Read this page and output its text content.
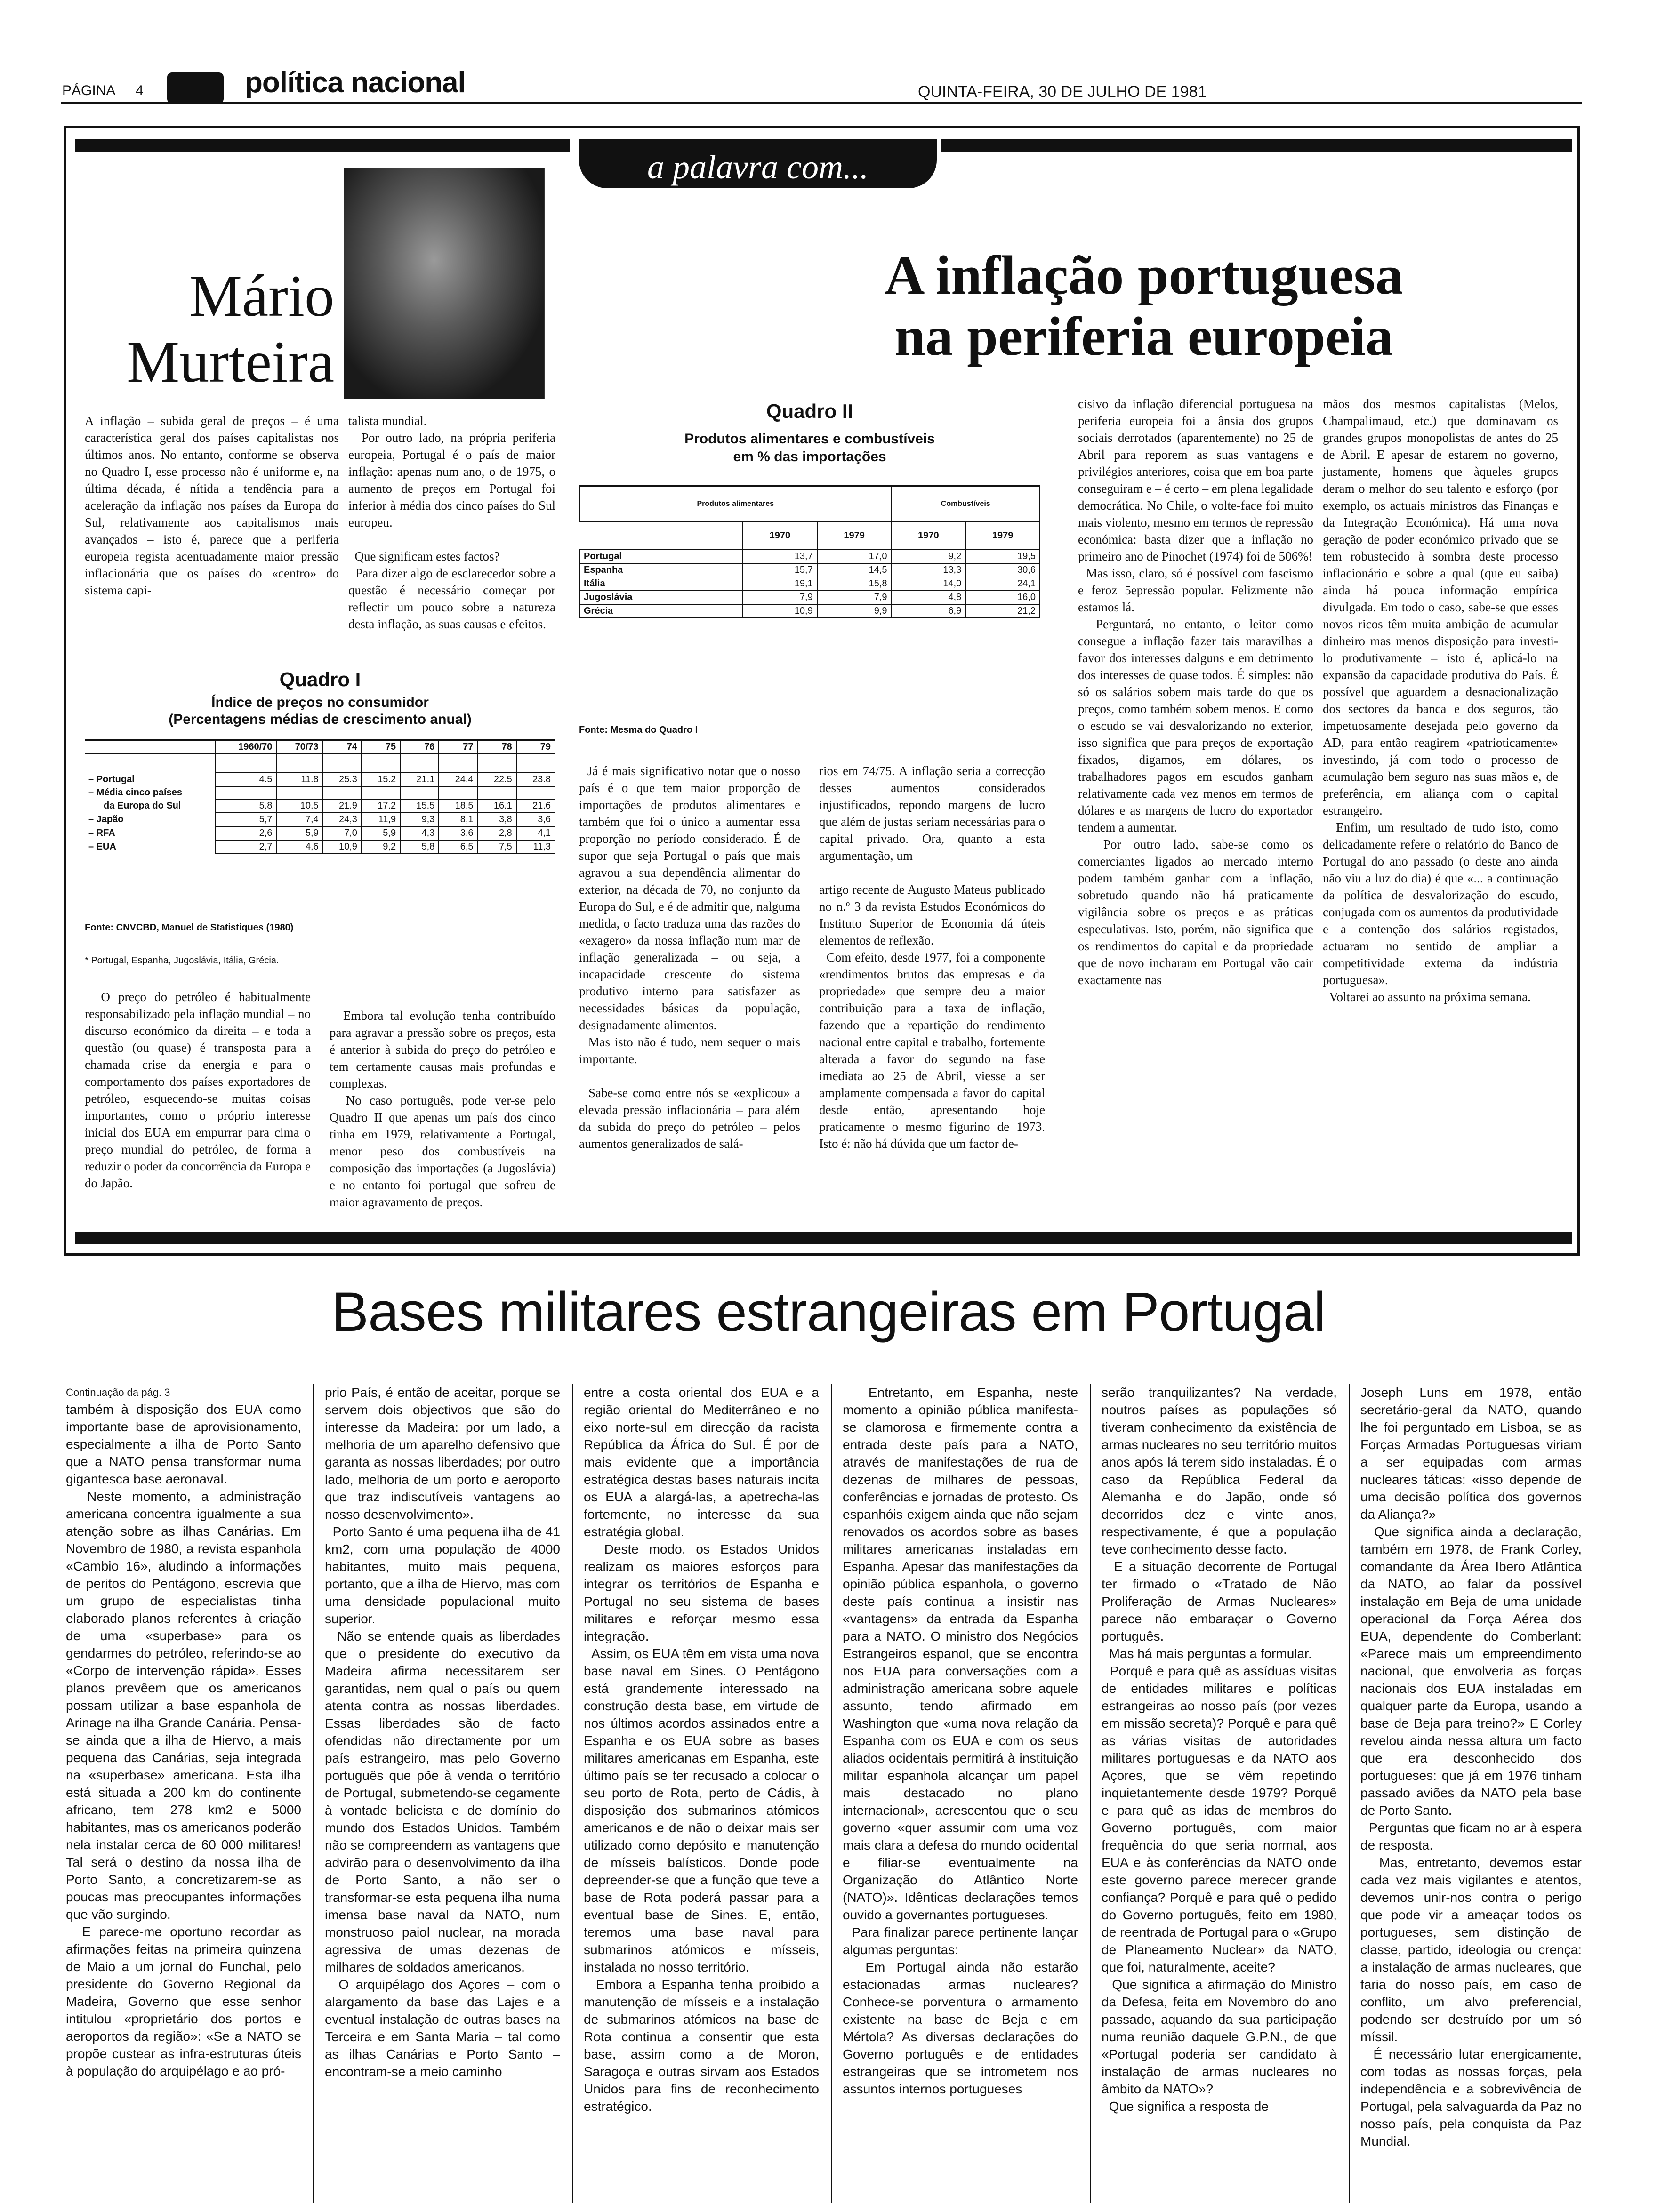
PÁGINA 4	política nacional	QUINTA-FEIRA, 30 DE JULHO DE 1981
a palavra com...
Mário
Murteira
A inflação portuguesa
na periferia europeia
A inflação – subida geral de preços – é uma característica geral dos países capitalistas nos últimos anos. No entanto, conforme se observa no Quadro I, esse processo não é uniforme e, na última década, é nítida a tendência para a aceleração da inflação nos países da Europa do Sul, relativamente aos capitalismos mais avançados – isto é, parece que a periferia europeia regista acentuadamente maior pressão inflacionária que os países do «centro» do sistema capi-
talista mundial.
Por outro lado, na própria periferia europeia, Portugal é o país de maior inflação: apenas num ano, o de 1975, o aumento de preços em Portugal foi inferior à média dos cinco países do Sul europeu.

Que significam estes factos?
Para dizer algo de esclarecedor sobre a questão é necessário começar por reflectir um pouco sobre a natureza desta inflação, as suas causas e efeitos.
Quadro I
Índice de preços no consumidor
(Percentagens médias de crescimento anual)
	1960/70	70/73	74	75	76	77	78	79

– Portugal	4.5	11.8	25.3	15.2	21.1	24.4	22.5	23.8
– Média cinco países								
da Europa do Sul	5.8	10.5	21.9	17.2	15.5	18.5	16.1	21.6
– Japão	5,7	7,4	24,3	11,9	9,3	8,1	3,8	3,6
– RFA	2,6	5,9	7,0	5,9	4,3	3,6	2,8	4,1
– EUA	2,7	4,6	10,9	9,2	5,8	6,5	7,5	11,3
Fonte: CNVCBD, Manuel de Statistiques (1980)
* Portugal, Espanha, Jugoslávia, Itália, Grécia.
O preço do petróleo é habitualmente responsabilizado pela inflação mundial – no discurso económico da direita – e toda a questão (ou quase) é transposta para a chamada crise da energia e para o comportamento dos países exportadores de petróleo, esquecendo-se muitas coisas importantes, como o próprio interesse inicial dos EUA em empurrar para cima o preço mundial do petróleo, de forma a reduzir o poder da concorrência da Europa e do Japão.
Embora tal evolução tenha contribuído para agravar a pressão sobre os preços, esta é anterior à subida do preço do petróleo e tem certamente causas mais profundas e complexas.
No caso português, pode ver-se pelo Quadro II que apenas um país dos cinco tinha em 1979, relativamente a Portugal, menor peso dos combustíveis na composição das importações (a Jugoslávia) e no entanto foi portugal que sofreu de maior agravamento de preços.
Quadro II
Produtos alimentares e combustíveis
em % das importações
Produtos alimentares			Combustíveis	
	1970	1979	1970	1979
Portugal	13,7	17,0	9,2	19,5
Espanha	15,7	14,5	13,3	30,6
Itália	19,1	15,8	14,0	24,1
Jugoslávia	7,9	7,9	4,8	16,0
Grécia	10,9	9,9	6,9	21,2
Fonte: Mesma do Quadro I
Já é mais significativo notar que o nosso país é o que tem maior proporção de importações de produtos alimentares e também que foi o único a aumentar essa proporção no período considerado. É de supor que seja Portugal o país que mais agravou a sua dependência alimentar do exterior, na década de 70, no conjunto da Europa do Sul, e é de admitir que, nalguma medida, o facto traduza uma das razões do «exagero» da nossa inflação num mar de inflação generalizada – ou seja, a incapacidade crescente do sistema produtivo interno para satisfazer as necessidades básicas da população, designadamente alimentos.
Mas isto não é tudo, nem sequer o mais importante.

Sabe-se como entre nós se «explicou» a elevada pressão inflacionária – para além da subida do preço do petróleo – pelos aumentos generalizados de salá-
rios em 74/75. A inflação seria a correcção desses aumentos considerados injustificados, repondo margens de lucro que além de justas seriam necessárias para o capital privado. Ora, quanto a esta argumentação, um

artigo recente de Augusto Mateus publicado no n.º 3 da revista Estudos Económicos do Instituto Superior de Economia dá úteis elementos de reflexão.
Com efeito, desde 1977, foi a componente «rendimentos brutos das empresas e da propriedade» que sempre deu a maior contribuição para a taxa de inflação, fazendo que a repartição do rendimento nacional entre capital e trabalho, fortemente alterada a favor do segundo na fase imediata ao 25 de Abril, viesse a ser amplamente compensada a favor do capital desde então, apresentando hoje praticamente o mesmo figurino de 1973. Isto é: não há dúvida que um factor de-
cisivo da inflação diferencial portuguesa na periferia europeia foi a ânsia dos grupos sociais derrotados (aparentemente) no 25 de Abril para reporem as suas vantagens e privilégios anteriores, coisa que em boa parte conseguiram e – é certo – em plena legalidade democrática. No Chile, o volte-face foi muito mais violento, mesmo em termos de repressão económica: basta dizer que a inflação no primeiro ano de Pinochet (1974) foi de 506%!
Mas isso, claro, só é possível com fascismo e feroz 5epressão popular. Felizmente não estamos lá.
Perguntará, no entanto, o leitor como consegue a inflação fazer tais maravilhas a favor dos interesses dalguns e em detrimento dos interesses de quase todos. É simples: não só os salários sobem mais tarde do que os preços, como também sobem menos. E como o escudo se vai desvalorizando no exterior, isso significa que para preços de exportação fixados, digamos, em dólares, os trabalhadores pagos em escudos ganham relativamente cada vez menos em termos de dólares e as margens de lucro do exportador tendem a aumentar.
Por outro lado, sabe-se como os comerciantes ligados ao mercado interno podem também ganhar com a inflação, sobretudo quando não há praticamente vigilância sobre os preços e as práticas especulativas. Isto, porém, não significa que os rendimentos do capital e da propriedade que de novo incharam em Portugal vão cair exactamente nas
mãos dos mesmos capitalistas (Melos, Champalimaud, etc.) que dominavam os grandes grupos monopolistas de antes do 25 de Abril. E apesar de estarem no governo, justamente, homens que àqueles grupos deram o melhor do seu talento e esforço (por exemplo, os actuais ministros das Finanças e da Integração Económica). Há uma nova geração de poder económico privado que se tem robustecido à sombra deste processo inflacionário e sobre a qual (que eu saiba) ainda há pouca informação empírica divulgada. Em todo o caso, sabe-se que esses novos ricos têm muita ambição de acumular dinheiro mas menos disposição para investi-lo produtivamente – isto é, aplicá-lo na expansão da capacidade produtiva do País. É possível que aguardem a desnacionalização dos sectores da banca e dos seguros, tão impetuosamente desejada pelo governo da AD, para então reagirem «patrioticamente» investindo, já com todo o processo de acumulação bem seguro nas suas mãos e, de preferência, em aliança com o capital estrangeiro.
Enfim, um resultado de tudo isto, como delicadamente refere o relatório do Banco de Portugal do ano passado (o deste ano ainda não viu a luz do dia) é que «... a continuação da política de desvalorização do escudo, conjugada com os aumentos da produtividade e a contenção dos salários registados, actuaram no sentido de ampliar a competitividade externa da indústria portuguesa».
Voltarei ao assunto na próxima semana.
Bases militares estrangeiras em Portugal
Continuação da pág. 3
também à disposição dos EUA como importante base de aprovisionamento, especialmente a ilha de Porto Santo que a NATO pensa transformar numa gigantesca base aeronaval.
Neste momento, a administração americana concentra igualmente a sua atenção sobre as ilhas Canárias. Em Novembro de 1980, a revista espanhola «Cambio 16», aludindo a informações de peritos do Pentágono, escrevia que um grupo de especialistas tinha elaborado planos referentes à criação de uma «superbase» para os gendarmes do petróleo, referindo-se ao «Corpo de intervenção rápida». Esses planos prevêem que os americanos possam utilizar a base espanhola de Arinage na ilha Grande Canária. Pensa-se ainda que a ilha de Hiervo, a mais pequena das Canárias, seja integrada na «superbase» americana. Esta ilha está situada a 200 km do continente africano, tem 278 km2 e 5000 habitantes, mas os americanos poderão nela instalar cerca de 60 000 militares! Tal será o destino da nossa ilha de Porto Santo, a concretizarem-se as poucas mas preocupantes informações que vão surgindo.
E parece-me oportuno recordar as afirmações feitas na primeira quinzena de Maio a um jornal do Funchal, pelo presidente do Governo Regional da Madeira, Governo que esse senhor intitulou «proprietário dos portos e aeroportos da região»: «Se a NATO se propõe custear as infra-estruturas úteis à população do arquipélago e ao pró-
prio País, é então de aceitar, porque se servem dois objectivos que são do interesse da Madeira: por um lado, a melhoria de um aparelho defensivo que garanta as nossas liberdades; por outro lado, melhoria de um porto e aeroporto que traz indiscutíveis vantagens ao nosso desenvolvimento».
Porto Santo é uma pequena ilha de 41 km2, com uma população de 4000 habitantes, muito mais pequena, portanto, que a ilha de Hiervo, mas com uma densidade populacional muito superior.
Não se entende quais as liberdades que o presidente do executivo da Madeira afirma necessitarem ser garantidas, nem qual o país ou quem atenta contra as nossas liberdades. Essas liberdades são de facto ofendidas não directamente por um país estrangeiro, mas pelo Governo português que põe à venda o território de Portugal, submetendo-se cegamente à vontade belicista e de domínio do mundo dos Estados Unidos. Também não se compreendem as vantagens que advirão para o desenvolvimento da ilha de Porto Santo, a não ser o transformar-se esta pequena ilha numa imensa base naval da NATO, num monstruoso paiol nuclear, na morada agressiva de umas dezenas de milhares de soldados americanos.
O arquipélago dos Açores – com o alargamento da base das Lajes e a eventual instalação de outras bases na Terceira e em Santa Maria – tal como as ilhas Canárias e Porto Santo – encontram-se a meio caminho
entre a costa oriental dos EUA e a região oriental do Mediterrâneo e no eixo norte-sul em direcção da racista República da África do Sul. É por de mais evidente que a importância estratégica destas bases naturais incita os EUA a alargá-las, a apetrecha-las fortemente, no interesse da sua estratégia global.
Deste modo, os Estados Unidos realizam os maiores esforços para integrar os territórios de Espanha e Portugal no seu sistema de bases militares e reforçar mesmo essa integração.
Assim, os EUA têm em vista uma nova base naval em Sines. O Pentágono está grandemente interessado na construção desta base, em virtude de nos últimos acordos assinados entre a Espanha e os EUA sobre as bases militares americanas em Espanha, este último país se ter recusado a colocar o seu porto de Rota, perto de Cádis, à disposição dos submarinos atómicos americanos e de não o deixar mais ser utilizado como depósito e manutenção de mísseis balísticos. Donde pode depreender-se que a função que teve a base de Rota poderá passar para a eventual base de Sines. E, então, teremos uma base naval para submarinos atómicos e mísseis, instalada no nosso território.
Embora a Espanha tenha proibido a manutenção de mísseis e a instalação de submarinos atómicos na base de Rota continua a consentir que esta base, assim como a de Moron, Saragoça e outras sirvam aos Estados Unidos para fins de reconhecimento estratégico.
Entretanto, em Espanha, neste momento a opinião pública manifesta-se clamorosa e firmemente contra a entrada deste país para a NATO, através de manifestações de rua de dezenas de milhares de pessoas, conferências e jornadas de protesto. Os espanhóis exigem ainda que não sejam renovados os acordos sobre as bases militares americanas instaladas em Espanha. Apesar das manifestações da opinião pública espanhola, o governo deste país continua a insistir nas «vantagens» da entrada da Espanha para a NATO. O ministro dos Negócios Estrangeiros espanol, que se encontra nos EUA para conversações com a administração americana sobre aquele assunto, tendo afirmado em Washington que «uma nova relação da Espanha com os EUA e com os seus aliados ocidentais permitirá à instituição militar espanhola alcançar um papel mais destacado no plano internacional», acrescentou que o seu governo «quer assumir com uma voz mais clara a defesa do mundo ocidental e filiar-se eventualmente na Organização do Atlântico Norte (NATO)». Idênticas declarações temos ouvido a governantes portugueses.
Para finalizar parece pertinente lançar algumas perguntas:
Em Portugal ainda não estarão estacionadas armas nucleares? Conhece-se porventura o armamento existente na base de Beja e em Mértola? As diversas declarações do Governo português e de entidades estrangeiras que se intrometem nos assuntos internos portugueses
serão tranquilizantes? Na verdade, noutros países as populações só tiveram conhecimento da existência de armas nucleares no seu território muitos anos após lá terem sido instaladas. É o caso da República Federal da Alemanha e do Japão, onde só decorridos dez e vinte anos, respectivamente, é que a população teve conhecimento desse facto.
E a situação decorrente de Portugal ter firmado o «Tratado de Não Proliferação de Armas Nucleares» parece não embaraçar o Governo português.
Mas há mais perguntas a formular.
Porquê e para quê as assíduas visitas de entidades militares e políticas estrangeiras ao nosso país (por vezes em missão secreta)? Porquê e para quê as várias visitas de autoridades militares portuguesas e da NATO aos Açores, que se vêm repetindo inquietantemente desde 1979? Porquê e para quê as idas de membros do Governo português, com maior frequência do que seria normal, aos EUA e às conferências da NATO onde este governo parece merecer grande confiança? Porquê e para quê o pedido do Governo português, feito em 1980, de reentrada de Portugal para o «Grupo de Planeamento Nuclear» da NATO, que foi, naturalmente, aceite?
Que significa a afirmação do Ministro da Defesa, feita em Novembro do ano passado, aquando da sua participação numa reunião daquele G.P.N., de que «Portugal poderia ser candidato à instalação de armas nucleares no âmbito da NATO»?
Que significa a resposta de
Joseph Luns em 1978, então secretário-geral da NATO, quando lhe foi perguntado em Lisboa, se as Forças Armadas Portuguesas viriam a ser equipadas com armas nucleares táticas: «isso depende de uma decisão política dos governos da Aliança?»
Que significa ainda a declaração, também em 1978, de Frank Corley, comandante da Área Ibero Atlântica da NATO, ao falar da possível instalação em Beja de uma unidade operacional da Força Aérea dos EUA, dependente do Comberlant: «Parece mais um empreendimento nacional, que envolveria as forças nacionais dos EUA instaladas em qualquer parte da Europa, usando a base de Beja para treino?» E Corley revelou ainda nessa altura um facto que era desconhecido dos portugueses: que já em 1976 tinham passado aviões da NATO pela base de Porto Santo.
Perguntas que ficam no ar à espera de resposta.
Mas, entretanto, devemos estar cada vez mais vigilantes e atentos, devemos unir-nos contra o perigo que pode vir a ameaçar todos os portugueses, sem distinção de classe, partido, ideologia ou crença: a instalação de armas nucleares, que faria do nosso país, em caso de conflito, um alvo preferencial, podendo ser destruído por um só míssil.
É necessário lutar energicamente, com todas as nossas forças, pela independência e a sobrevivência de Portugal, pela salvaguarda da Paz no nosso país, pela conquista da Paz Mundial.
